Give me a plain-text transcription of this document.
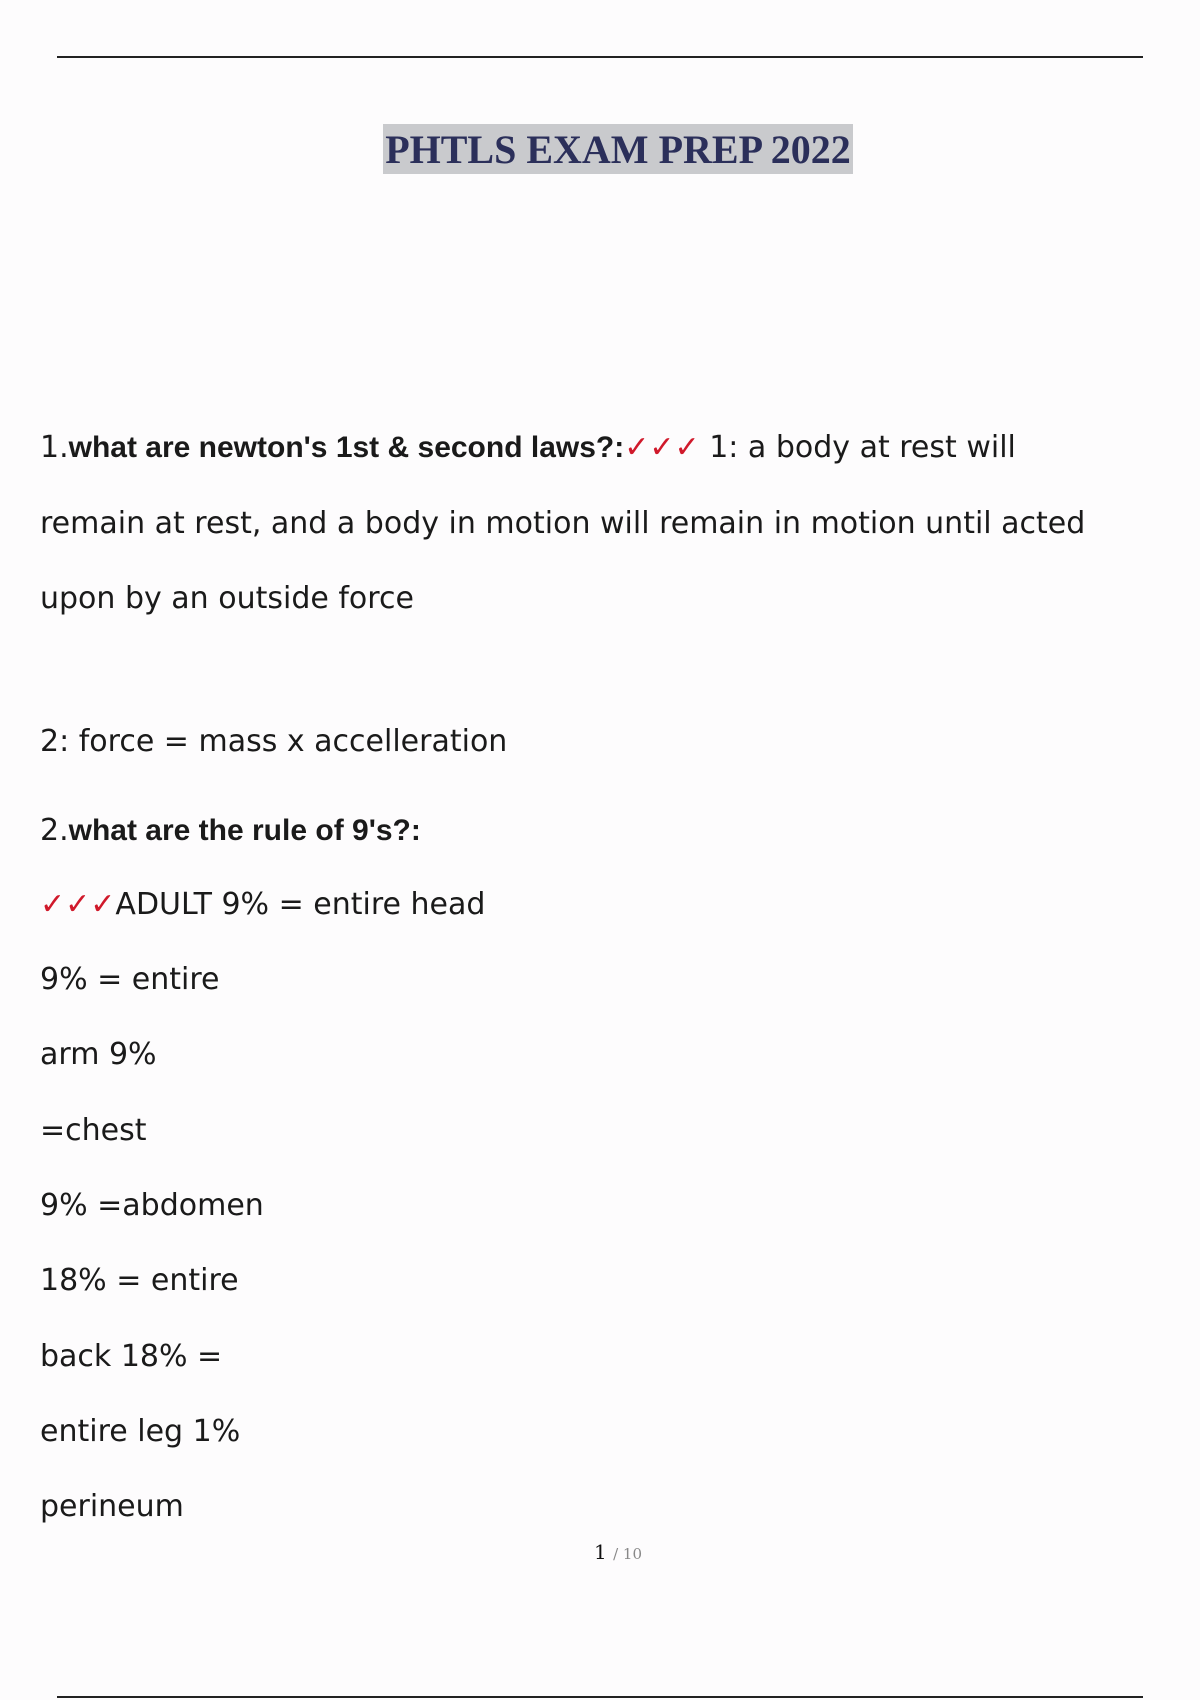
PHTLS EXAM PREP 2022
1.what are newton's 1st & second laws?:✓✓✓ 1: a body at rest will
remain at rest, and a body in motion will remain in motion until acted
upon by an outside force
2: force = mass x accelleration
2.what are the rule of 9's?:
✓✓✓ADULT 9% = entire head
9% = entire
arm 9%
=chest
9% =abdomen
18% = entire
back 18% =
entire leg 1%
perineum
1 / 10
